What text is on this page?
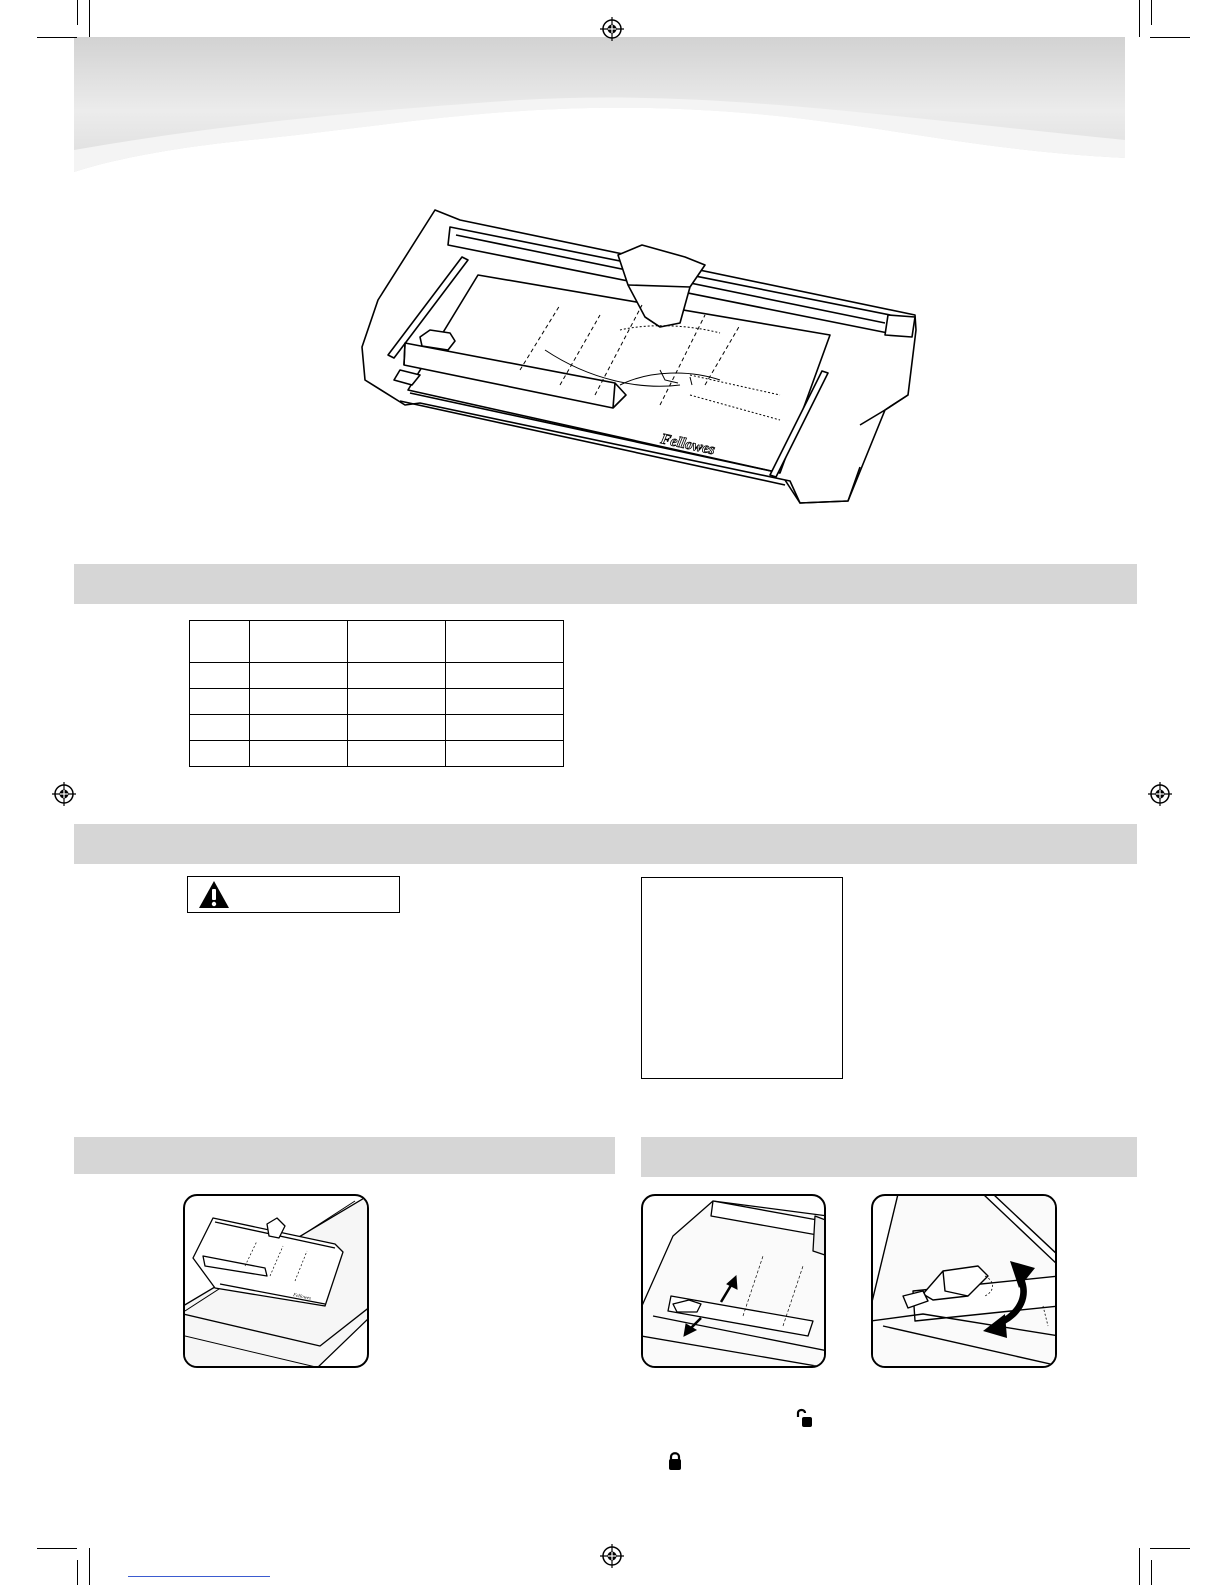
Fellowes

Fellowes
